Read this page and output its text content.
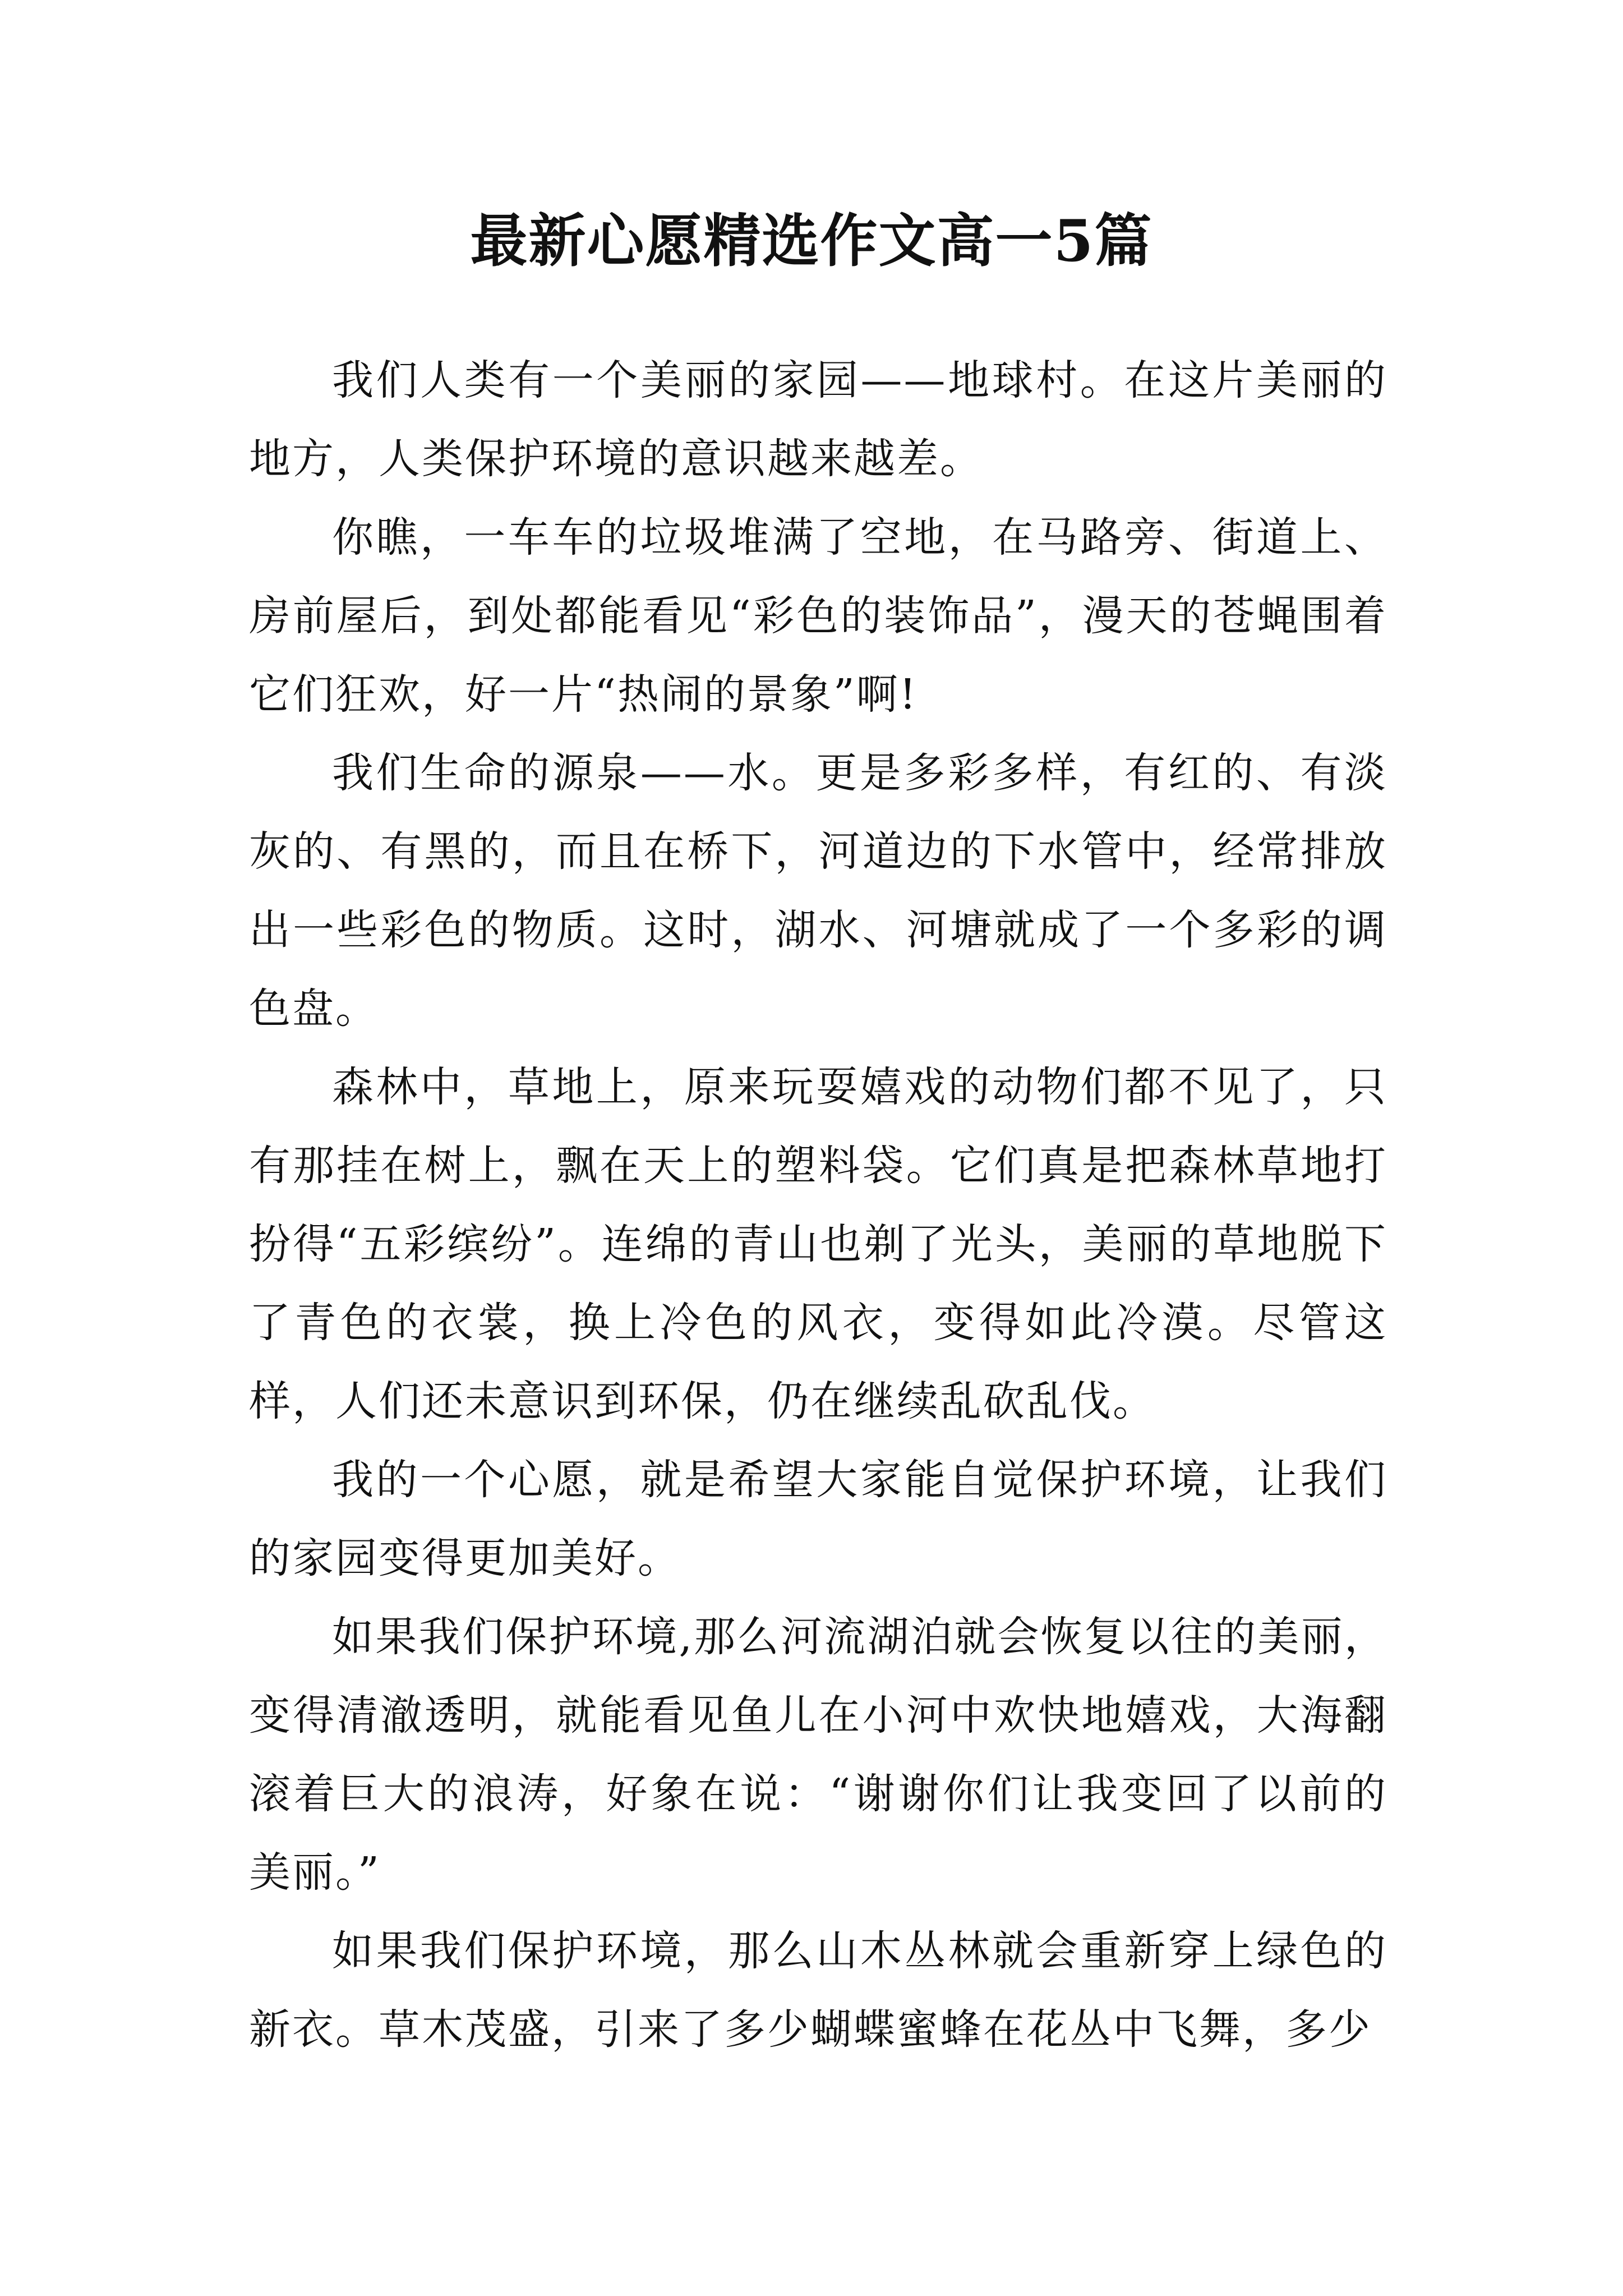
最新心愿精选作文高一5篇

我们人类有一个美丽的家园——地球村。在这片美丽的地方，人类保护环境的意识越来越差。

你瞧，一车车的垃圾堆满了空地，在马路旁、街道上、房前屋后，到处都能看见“彩色的装饰品”，漫天的苍蝇围着它们狂欢，好一片“热闹的景象”啊!

我们生命的源泉——水。更是多彩多样，有红的、有淡灰的、有黑的，而且在桥下，河道边的下水管中，经常排放出一些彩色的物质。这时，湖水、河塘就成了一个多彩的调色盘。

森林中，草地上，原来玩耍嬉戏的动物们都不见了，只有那挂在树上，飘在天上的塑料袋。它们真是把森林草地打扮得“五彩缤纷”。连绵的青山也剃了光头，美丽的草地脱下了青色的衣裳，换上冷色的风衣，变得如此冷漠。尽管这样，人们还未意识到环保，仍在继续乱砍乱伐。

我的一个心愿，就是希望大家能自觉保护环境，让我们的家园变得更加美好。

如果我们保护环境,那么河流湖泊就会恢复以往的美丽，变得清澈透明，就能看见鱼儿在小河中欢快地嬉戏，大海翻滚着巨大的浪涛，好象在说：“谢谢你们让我变回了以前的美丽。”

如果我们保护环境，那么山木丛林就会重新穿上绿色的新衣。草木茂盛，引来了多少蝴蝶蜜蜂在花丛中飞舞，多少
